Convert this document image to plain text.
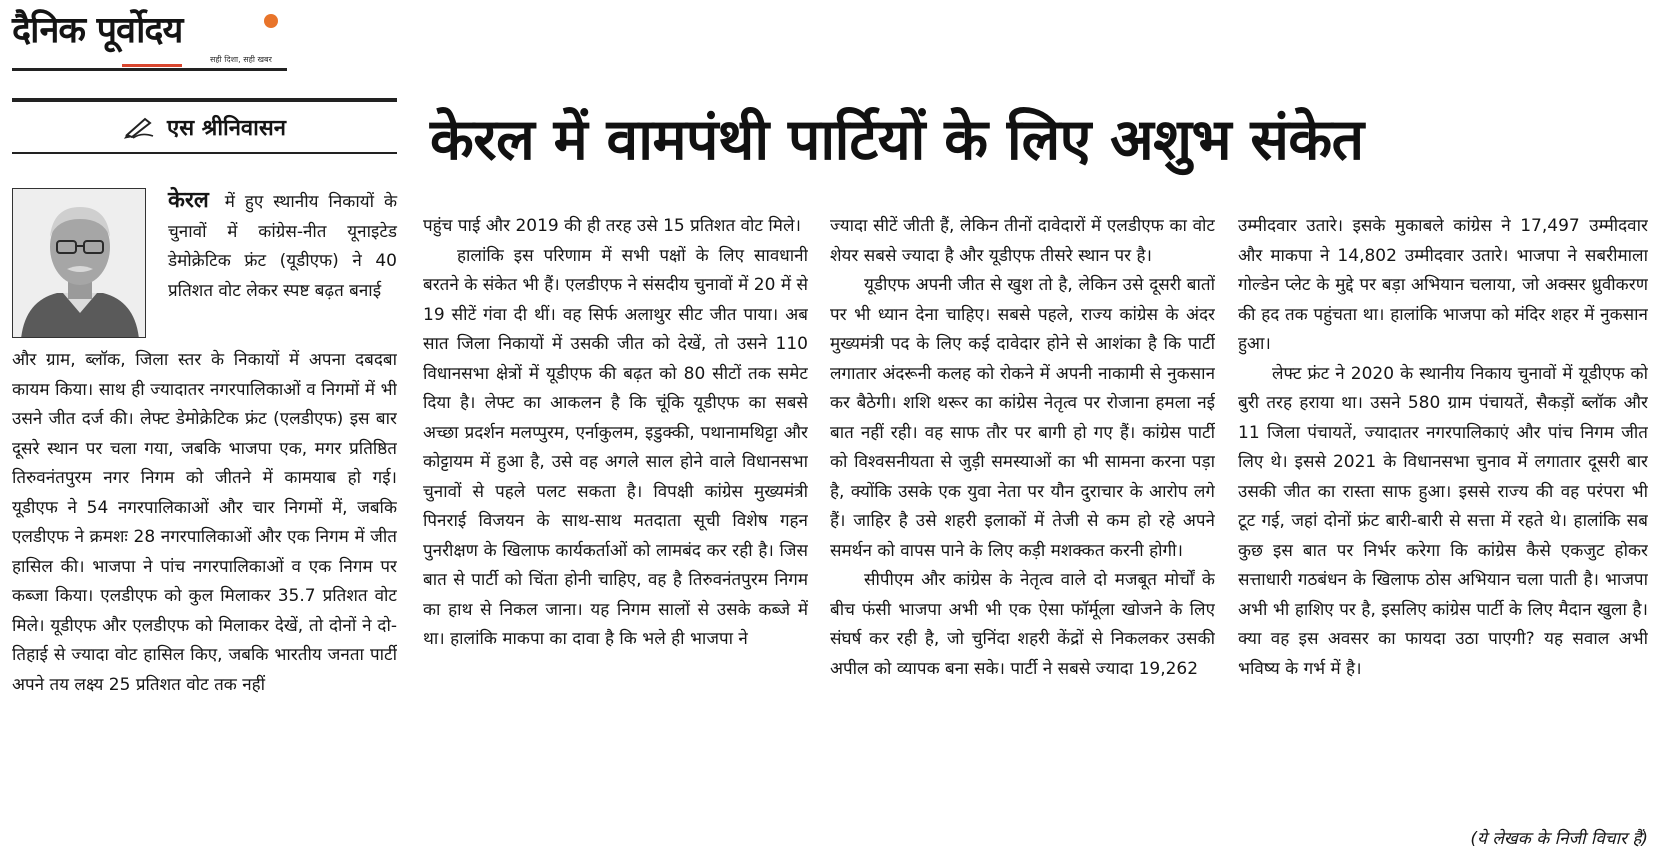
दैनिक पूर्वोदय
सही दिशा, सही खबर
एस श्रीनिवासन	केरल में वामपंथी पार्टियों के लिए अशुभ संकेत
केरल में हुए स्थानीय निकायों के चुनावों में कांग्रेस-नीत यूनाइटेड डेमोक्रेटिक फ्रंट (यूडीएफ) ने 40 प्रतिशत वोट लेकर स्पष्ट बढ़त बनाई

और ग्राम, ब्लॉक, जिला स्तर के निकायों में अपना दबदबा कायम किया। साथ ही ज्यादातर नगरपालिकाओं व निगमों में भी उसने जीत दर्ज की। लेफ्ट डेमोक्रेटिक फ्रंट (एलडीएफ) इस बार दूसरे स्थान पर चला गया, जबकि भाजपा एक, मगर प्रतिष्ठित तिरुवनंतपुरम नगर निगम को जीतने में कामयाब हो गई। यूडीएफ ने 54 नगरपालिकाओं और चार निगमों में, जबकि एलडीएफ ने क्रमशः 28 नगरपालिकाओं और एक निगम में जीत हासिल की। भाजपा ने पांच नगरपालिकाओं व एक निगम पर कब्जा किया। एलडीएफ को कुल मिलाकर 35.7 प्रतिशत वोट मिले। यूडीएफ और एलडीएफ को मिलाकर देखें, तो दोनों ने दो-तिहाई से ज्यादा वोट हासिल किए, जबकि भारतीय जनता पार्टी अपने तय लक्ष्य 25 प्रतिशत वोट तक नहीं

पहुंच पाई और 2019 की ही तरह उसे 15 प्रतिशत वोट मिले।

हालांकि इस परिणाम में सभी पक्षों के लिए सावधानी बरतने के संकेत भी हैं। एलडीएफ ने संसदीय चुनावों में 20 में से 19 सीटें गंवा दी थीं। वह सिर्फ अलाथुर सीट जीत पाया। अब सात जिला निकायों में उसकी जीत को देखें, तो उसने 110 विधानसभा क्षेत्रों में यूडीएफ की बढ़त को 80 सीटों तक समेट दिया है। लेफ्ट का आकलन है कि चूंकि यूडीएफ का सबसे अच्छा प्रदर्शन मलप्पुरम, एर्नाकुलम, इडुक्की, पथानामथिट्टा और कोट्टायम में हुआ है, उसे वह अगले साल होने वाले विधानसभा चुनावों से पहले पलट सकता है। विपक्षी कांग्रेस मुख्यमंत्री पिनराई विजयन के साथ-साथ मतदाता सूची विशेष गहन पुनरीक्षण के खिलाफ कार्यकर्ताओं को लामबंद कर रही है। जिस बात से पार्टी को चिंता होनी चाहिए, वह है तिरुवनंतपुरम निगम का हाथ से निकल जाना। यह निगम सालों से उसके कब्जे में था। हालांकि माकपा का दावा है कि भले ही भाजपा ने

ज्यादा सीटें जीती हैं, लेकिन तीनों दावेदारों में एलडीएफ का वोट शेयर सबसे ज्यादा है और यूडीएफ तीसरे स्थान पर है।

यूडीएफ अपनी जीत से खुश तो है, लेकिन उसे दूसरी बातों पर भी ध्यान देना चाहिए। सबसे पहले, राज्य कांग्रेस के अंदर मुख्यमंत्री पद के लिए कई दावेदार होने से आशंका है कि पार्टी लगातार अंदरूनी कलह को रोकने में अपनी नाकामी से नुकसान कर बैठेगी। शशि थरूर का कांग्रेस नेतृत्व पर रोजाना हमला नई बात नहीं रही। वह साफ तौर पर बागी हो गए हैं। कांग्रेस पार्टी को विश्वसनीयता से जुड़ी समस्याओं का भी सामना करना पड़ा है, क्योंकि उसके एक युवा नेता पर यौन दुराचार के आरोप लगे हैं। जाहिर है उसे शहरी इलाकों में तेजी से कम हो रहे अपने समर्थन को वापस पाने के लिए कड़ी मशक्कत करनी होगी।

सीपीएम और कांग्रेस के नेतृत्व वाले दो मजबूत मोर्चों के बीच फंसी भाजपा अभी भी एक ऐसा फॉर्मूला खोजने के लिए संघर्ष कर रही है, जो चुनिंदा शहरी केंद्रों से निकलकर उसकी अपील को व्यापक बना सके। पार्टी ने सबसे ज्यादा 19,262

उम्मीदवार उतारे। इसके मुकाबले कांग्रेस ने 17,497 उम्मीदवार और माकपा ने 14,802 उम्मीदवार उतारे। भाजपा ने सबरीमाला गोल्डेन प्लेट के मुद्दे पर बड़ा अभियान चलाया, जो अक्सर ध्रुवीकरण की हद तक पहुंचता था। हालांकि भाजपा को मंदिर शहर में नुकसान हुआ।

लेफ्ट फ्रंट ने 2020 के स्थानीय निकाय चुनावों में यूडीएफ को बुरी तरह हराया था। उसने 580 ग्राम पंचायतें, सैकड़ों ब्लॉक और 11 जिला पंचायतें, ज्यादातर नगरपालिकाएं और पांच निगम जीत लिए थे। इससे 2021 के विधानसभा चुनाव में लगातार दूसरी बार उसकी जीत का रास्ता साफ हुआ। इससे राज्य की वह परंपरा भी टूट गई, जहां दोनों फ्रंट बारी-बारी से सत्ता में रहते थे। हालांकि सब कुछ इस बात पर निर्भर करेगा कि कांग्रेस कैसे एकजुट होकर सत्ताधारी गठबंधन के खिलाफ ठोस अभियान चला पाती है। भाजपा अभी भी हाशिए पर है, इसलिए कांग्रेस पार्टी के लिए मैदान खुला है। क्या वह इस अवसर का फायदा उठा पाएगी? यह सवाल अभी भविष्य के गर्भ में है।

(ये लेखक के निजी विचार हैं)
